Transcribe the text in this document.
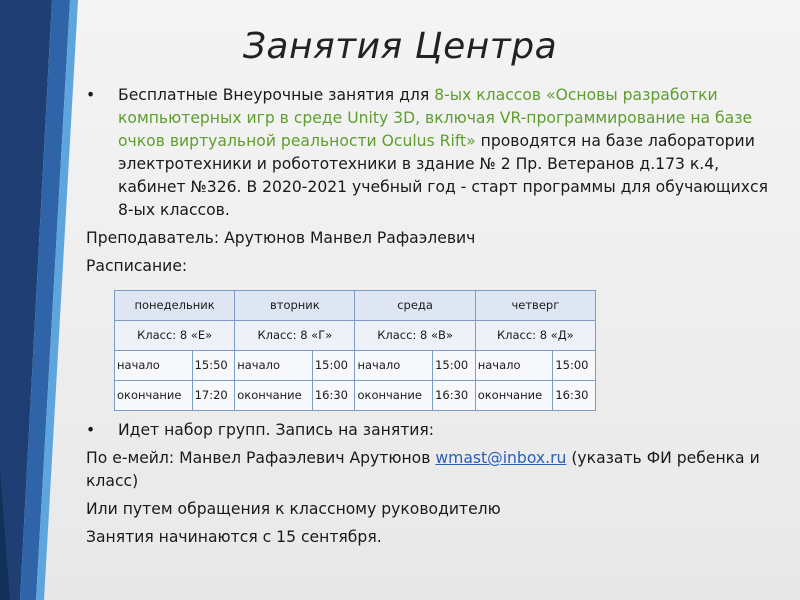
Занятия Центра

• Бесплатные Внеурочные занятия для 8-ых классов «Основы разработки компьютерных игр в среде Unity 3D, включая VR-программирование на базе очков виртуальной реальности Oculus Rift» проводятся на базе лаборатории электротехники и робототехники в здание № 2 Пр. Ветеранов д.173 к.4, кабинет №326. В 2020-2021 учебный год - старт программы для обучающихся 8-ых классов.

Преподаватель: Арутюнов Манвел Рафаэлевич

Расписание:

понедельник		вторник		среда		четверг	
Класс: 8 «Е»		Класс: 8 «Г»		Класс: 8 «В»		Класс: 8 «Д»	
начало	15:50	начало	15:00	начало	15:00	начало	15:00
окончание	17:20	окончание	16:30	окончание	16:30	окончание	16:30

• Идет набор групп. Запись на занятия:

По е-мейл: Манвел Рафаэлевич Арутюнов wmast@inbox.ru (указать ФИ ребенка и класс)

Или путем обращения к классному руководителю

Занятия начинаются с 15 сентября.
